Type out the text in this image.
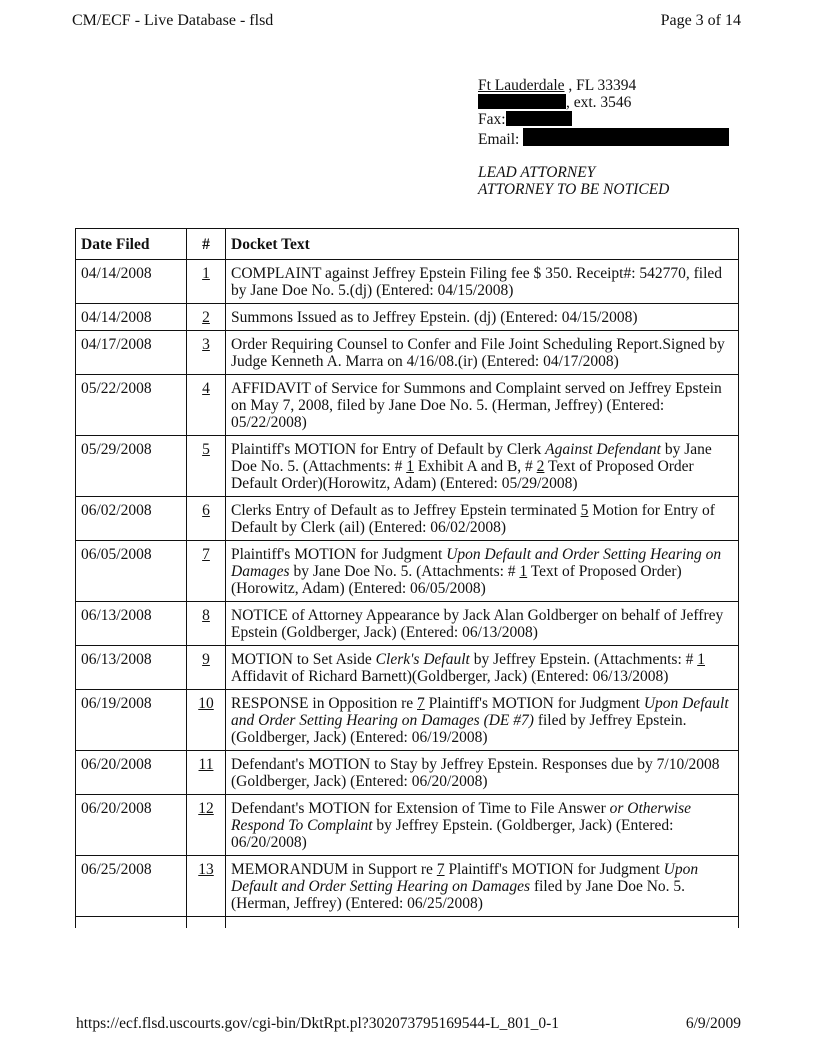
CM/ECF - Live Database - flsd	Page 3 of 14
Ft Lauderdale , FL 33394
, ext. 3546
Fax:
Email:
LEAD ATTORNEY
ATTORNEY TO BE NOTICED
Date Filed	#	Docket Text
04/14/2008	1	COMPLAINT against Jeffrey Epstein Filing fee $ 350. Receipt#: 542770, filed by Jane Doe No. 5.(dj) (Entered: 04/15/2008)
04/14/2008	2	Summons Issued as to Jeffrey Epstein. (dj) (Entered: 04/15/2008)
04/17/2008	3	Order Requiring Counsel to Confer and File Joint Scheduling Report.Signed by Judge Kenneth A. Marra on 4/16/08.(ir) (Entered: 04/17/2008)
05/22/2008	4	AFFIDAVIT of Service for Summons and Complaint served on Jeffrey Epstein on May 7, 2008, filed by Jane Doe No. 5. (Herman, Jeffrey) (Entered: 05/22/2008)
05/29/2008	5	Plaintiff's MOTION for Entry of Default by Clerk Against Defendant by Jane Doe No. 5. (Attachments: # 1 Exhibit A and B, # 2 Text of Proposed Order Default Order)(Horowitz, Adam) (Entered: 05/29/2008)
06/02/2008	6	Clerks Entry of Default as to Jeffrey Epstein terminated 5 Motion for Entry of Default by Clerk (ail) (Entered: 06/02/2008)
06/05/2008	7	Plaintiff's MOTION for Judgment Upon Default and Order Setting Hearing on Damages by Jane Doe No. 5. (Attachments: # 1 Text of Proposed Order) (Horowitz, Adam) (Entered: 06/05/2008)
06/13/2008	8	NOTICE of Attorney Appearance by Jack Alan Goldberger on behalf of Jeffrey Epstein (Goldberger, Jack) (Entered: 06/13/2008)
06/13/2008	9	MOTION to Set Aside Clerk's Default by Jeffrey Epstein. (Attachments: # 1 Affidavit of Richard Barnett)(Goldberger, Jack) (Entered: 06/13/2008)
06/19/2008	10	RESPONSE in Opposition re 7 Plaintiff's MOTION for Judgment Upon Default and Order Setting Hearing on Damages (DE #7) filed by Jeffrey Epstein. (Goldberger, Jack) (Entered: 06/19/2008)
06/20/2008	11	Defendant's MOTION to Stay by Jeffrey Epstein. Responses due by 7/10/2008 (Goldberger, Jack) (Entered: 06/20/2008)
06/20/2008	12	Defendant's MOTION for Extension of Time to File Answer or Otherwise Respond To Complaint by Jeffrey Epstein. (Goldberger, Jack) (Entered: 06/20/2008)
06/25/2008	13	MEMORANDUM in Support re 7 Plaintiff's MOTION for Judgment Upon Default and Order Setting Hearing on Damages filed by Jane Doe No. 5. (Herman, Jeffrey) (Entered: 06/25/2008)

https://ecf.flsd.uscourts.gov/cgi-bin/DktRpt.pl?302073795169544-L_801_0-1	6/9/2009
